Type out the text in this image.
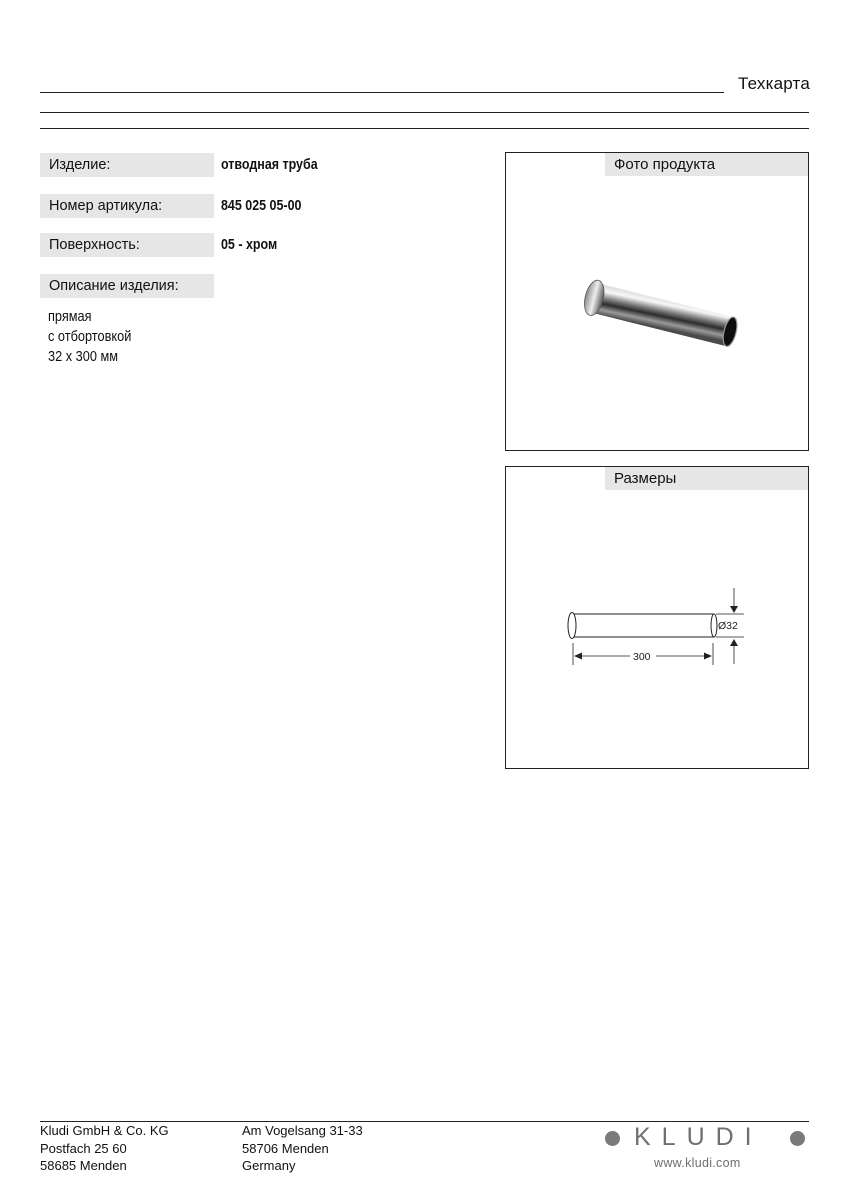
Техкарта
Изделие:	отводная труба
Номер артикула:	845 025 05-00
Поверхность:	05 - хром
Описание изделия:
прямая
с отбортовкой
32 x 300 мм
Фото продукта
Размеры
Ø32
300
Kludi GmbH & Co. KG
Postfach 25 60
58685 Menden
Am Vogelsang 31-33
58706 Menden
Germany
KLUDI
www.kludi.com
